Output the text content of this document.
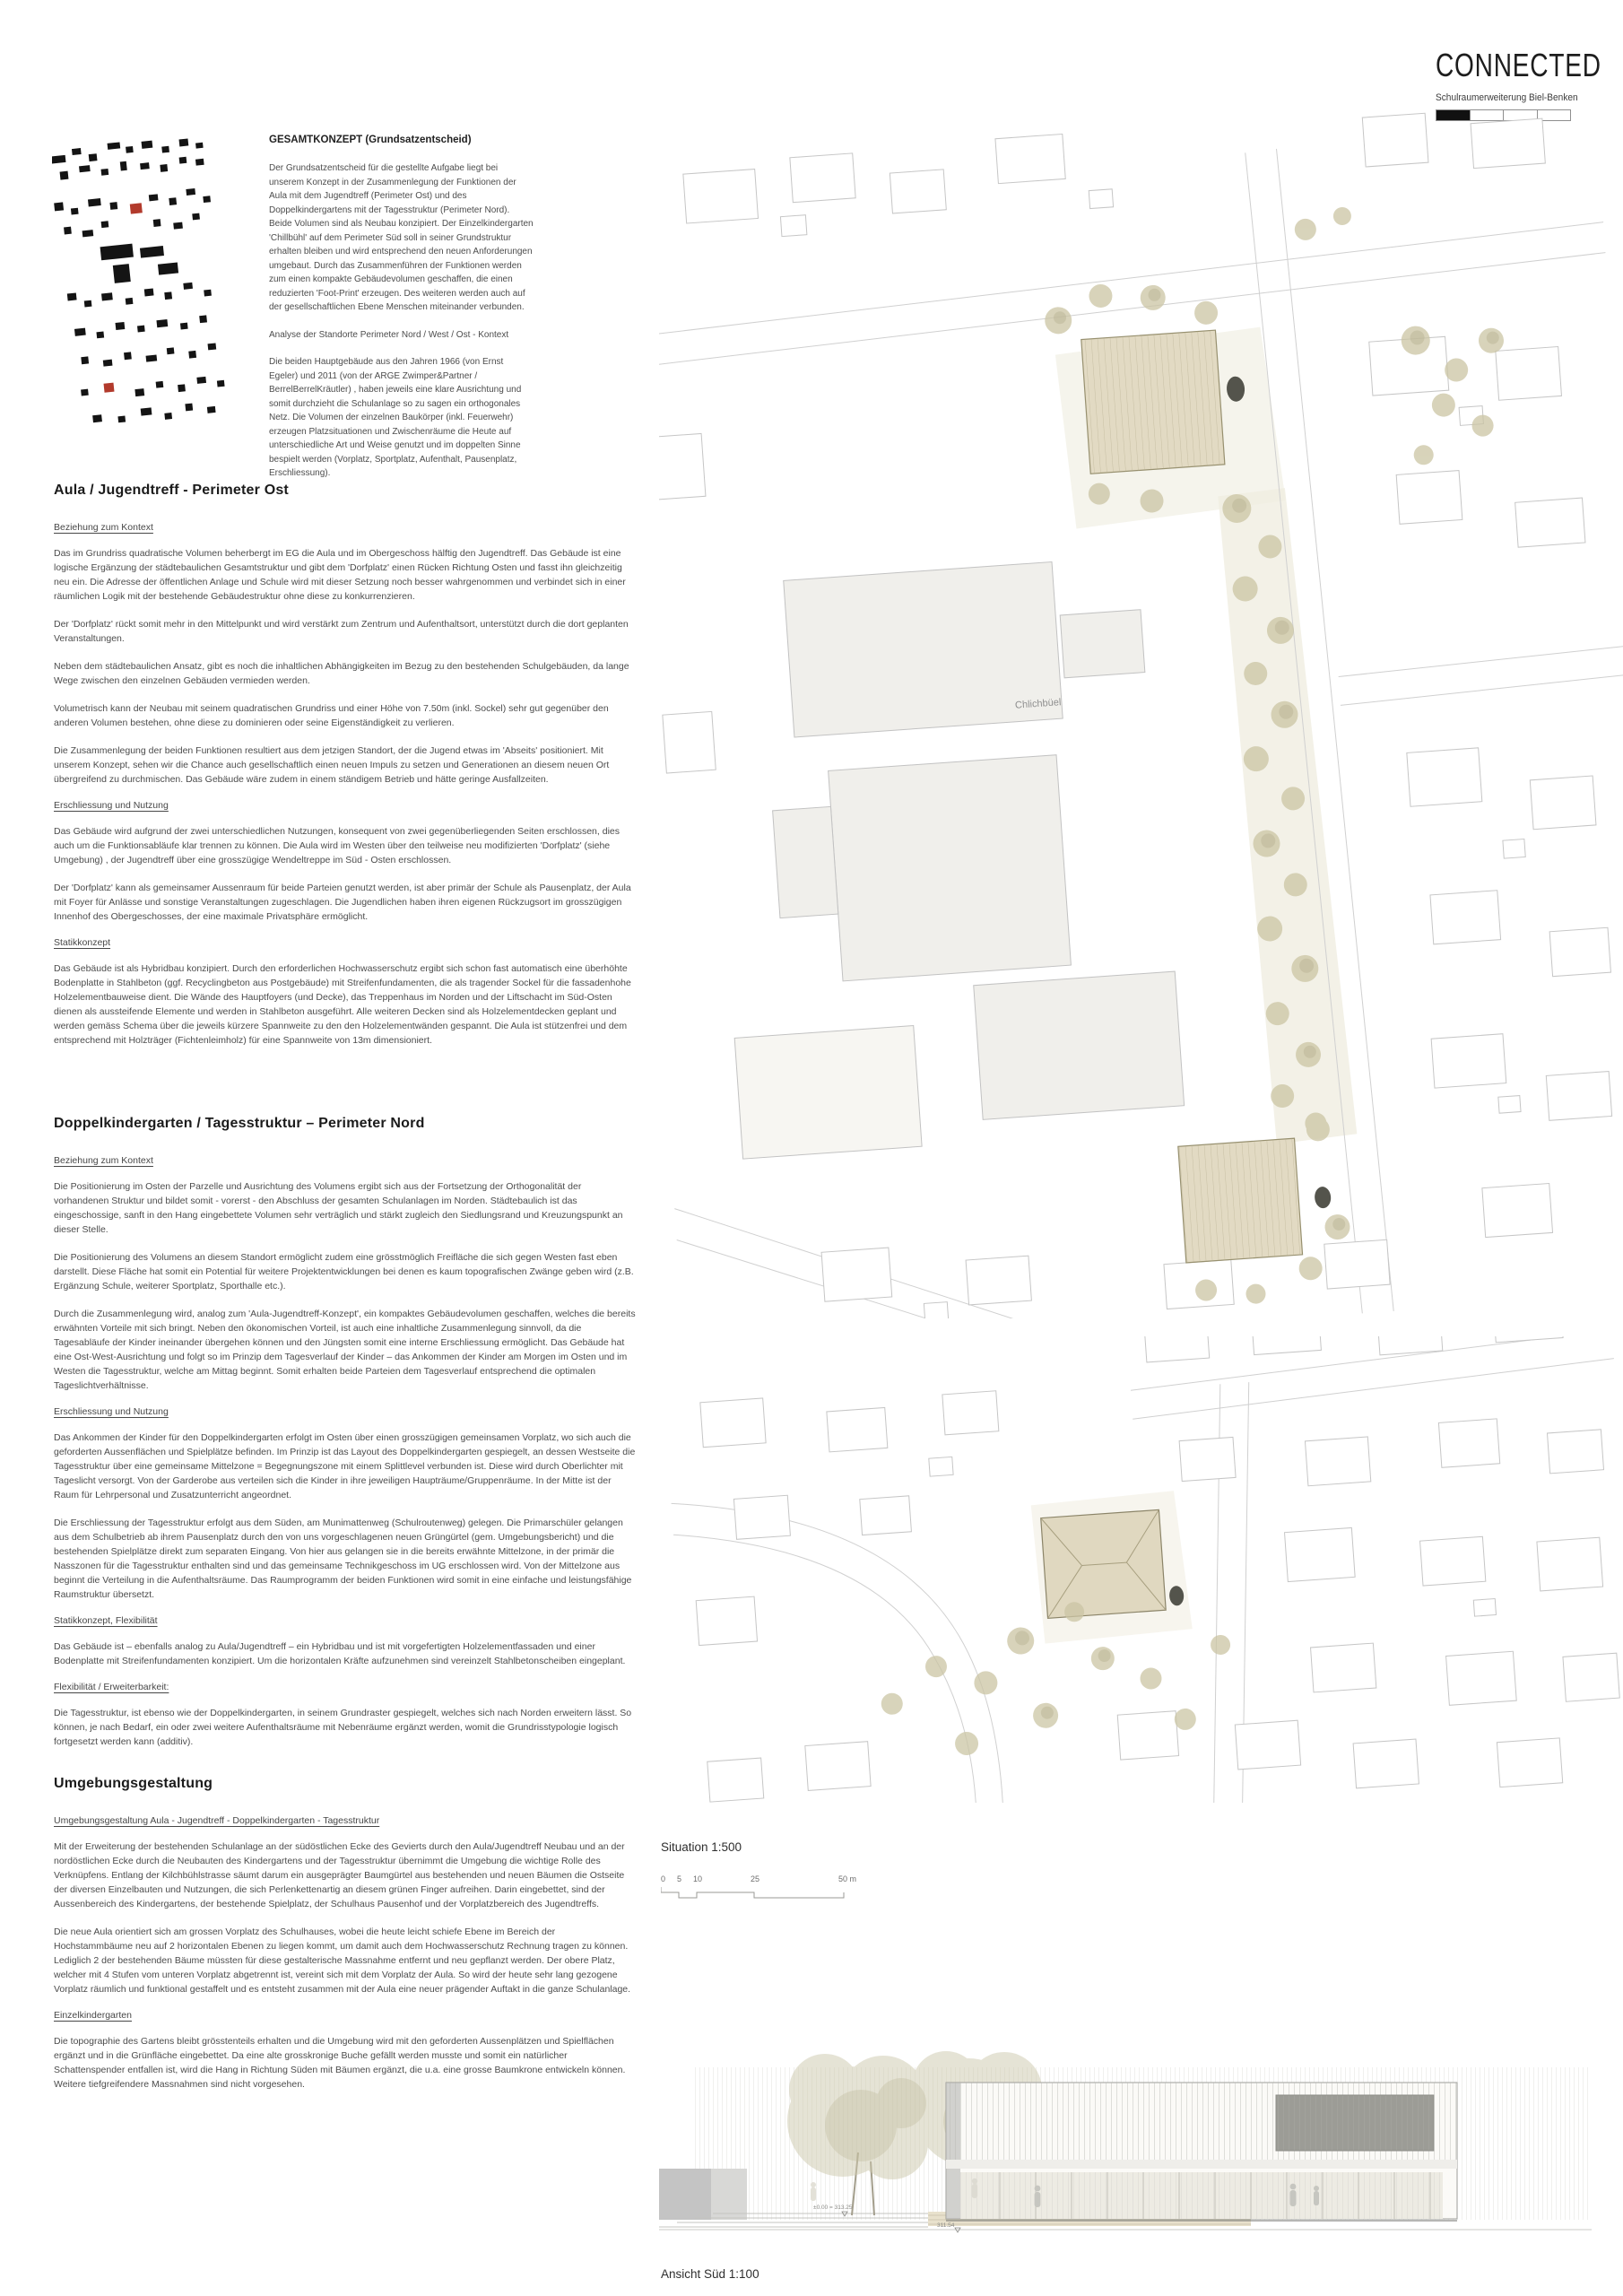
CONNECTED
Schulraumerweiterung Biel-Benken
GESAMTKONZEPT (Grundsatzentscheid)

Der Grundsatzentscheid für die gestellte Aufgabe liegt bei unserem Konzept in der Zusammenlegung der Funktionen der Aula mit dem Jugendtreff (Perimeter Ost) und des Doppelkindergartens mit der Tagesstruktur (Perimeter Nord). Beide Volumen sind als Neubau konzipiert. Der Einzelkindergarten 'Chillbühl' auf dem Perimeter Süd soll in seiner Grundstruktur erhalten bleiben und wird entsprechend den neuen Anforderungen umgebaut. Durch das Zusammenführen der Funktionen werden zum einen kompakte Gebäudevolumen geschaffen, die einen reduzierten 'Foot-Print' erzeugen. Des weiteren werden auch auf der gesellschaftlichen Ebene Menschen miteinander verbunden.

Analyse der Standorte Perimeter Nord / West / Ost - Kontext

Die beiden Hauptgebäude aus den Jahren 1966 (von Ernst Egeler) und 2011 (von der ARGE Zwimper&Partner / BerrelBerrelKräutler) , haben jeweils eine klare Ausrichtung und somit durchzieht die Schulanlage so zu sagen ein orthogonales Netz. Die Volumen der einzelnen Baukörper (inkl. Feuerwehr) erzeugen Platzsituationen und Zwischenräume die Heute auf unterschiedliche Art und Weise genutzt und im doppelten Sinne bespielt werden (Vorplatz, Sportplatz, Aufenthalt, Pausenplatz, Erschliessung).

Aula / Jugendtreff - Perimeter Ost
Beziehung zum Kontext

Das im Grundriss quadratische Volumen beherbergt im EG die Aula und im Obergeschoss hälftig den Jugendtreff. Das Gebäude ist eine logische Ergänzung der städtebaulichen Gesamtstruktur und gibt dem 'Dorfplatz' einen Rücken Richtung Osten und fasst ihn gleichzeitig neu ein. Die Adresse der öffentlichen Anlage und Schule wird mit dieser Setzung noch besser wahrgenommen und verbindet sich in einer räumlichen Logik mit der bestehende Gebäudestruktur ohne diese zu konkurrenzieren.

Der 'Dorfplatz' rückt somit mehr in den Mittelpunkt und wird verstärkt zum Zentrum und Aufenthaltsort, unterstützt durch die dort geplanten Veranstaltungen.

Neben dem städtebaulichen Ansatz, gibt es noch die inhaltlichen Abhängigkeiten im Bezug zu den bestehenden Schulgebäuden, da lange Wege zwischen den einzelnen Gebäuden vermieden werden.

Volumetrisch kann der Neubau mit seinem quadratischen Grundriss und einer Höhe von 7.50m (inkl. Sockel) sehr gut gegenüber den anderen Volumen bestehen, ohne diese zu dominieren oder seine Eigenständigkeit zu verlieren.

Die Zusammenlegung der beiden Funktionen resultiert aus dem jetzigen Standort, der die Jugend etwas im 'Abseits' positioniert. Mit unserem Konzept, sehen wir die Chance auch gesellschaftlich einen neuen Impuls zu setzen und Generationen an diesem neuen Ort übergreifend zu durchmischen. Das Gebäude wäre zudem in einem ständigem Betrieb und hätte geringe Ausfallzeiten.

Erschliessung und Nutzung

Das Gebäude wird aufgrund der zwei unterschiedlichen Nutzungen, konsequent von zwei gegenüberliegenden Seiten erschlossen, dies auch um die Funktionsabläufe klar trennen zu können. Die Aula wird im Westen über den teilweise neu modifizierten 'Dorfplatz' (siehe Umgebung) , der Jugendtreff über eine grosszügige Wendeltreppe im Süd - Osten erschlossen.

Der 'Dorfplatz' kann als gemeinsamer Aussenraum für beide Parteien genutzt werden, ist aber primär der Schule als Pausenplatz, der Aula mit Foyer für Anlässe und sonstige Veranstaltungen zugeschlagen. Die Jugendlichen haben ihren eigenen Rückzugsort im grosszügigen Innenhof des Obergeschosses, der eine maximale Privatsphäre ermöglicht.

Statikkonzept

Das Gebäude ist als Hybridbau konzipiert. Durch den erforderlichen Hochwasserschutz ergibt sich schon fast automatisch eine überhöhte Bodenplatte in Stahlbeton (ggf. Recyclingbeton aus Postgebäude) mit Streifenfundamenten, die als tragender Sockel für die fassadenhohe Holzelementbauweise dient. Die Wände des Hauptfoyers (und Decke), das Treppenhaus im Norden und der Liftschacht im Süd-Osten dienen als aussteifende Elemente und werden in Stahlbeton ausgeführt. Alle weiteren Decken sind als Holzelementdecken geplant und werden gemäss Schema über die jeweils kürzere Spannweite zu den den Holzelementwänden gespannt. Die Aula ist stützenfrei und dem entsprechend mit Holzträger (Fichtenleimholz) für eine Spannweite von 13m dimensioniert.

Doppelkindergarten / Tagesstruktur – Perimeter Nord
Beziehung zum Kontext

Die Positionierung im Osten der Parzelle und Ausrichtung des Volumens ergibt sich aus der Fortsetzung der Orthogonalität der vorhandenen Struktur und bildet somit - vorerst - den Abschluss der gesamten Schulanlagen im Norden. Städtebaulich ist das eingeschossige, sanft in den Hang eingebettete Volumen sehr verträglich und stärkt zugleich den Siedlungsrand und Kreuzungspunkt an dieser Stelle.

Die Positionierung des Volumens an diesem Standort ermöglicht zudem eine grösstmöglich Freifläche die sich gegen Westen fast eben darstellt. Diese Fläche hat somit ein Potential für weitere Projektentwicklungen bei denen es kaum topografischen Zwänge geben wird (z.B. Ergänzung Schule, weiterer Sportplatz, Sporthalle etc.).

Durch die Zusammenlegung wird, analog zum 'Aula-Jugendtreff-Konzept', ein kompaktes Gebäudevolumen geschaffen, welches die bereits erwähnten Vorteile mit sich bringt. Neben den ökonomischen Vorteil, ist auch eine inhaltliche Zusammenlegung sinnvoll, da die Tagesabläufe der Kinder ineinander übergehen können und den Jüngsten somit eine interne Erschliessung ermöglicht. Das Gebäude hat eine Ost-West-Ausrichtung und folgt so im Prinzip dem Tagesverlauf der Kinder – das Ankommen der Kinder am Morgen im Osten und im Westen die Tagesstruktur, welche am Mittag beginnt. Somit erhalten beide Parteien dem Tagesverlauf entsprechend die optimalen Tageslichtverhältnisse.

Erschliessung und Nutzung

Das Ankommen der Kinder für den Doppelkindergarten erfolgt im Osten über einen grosszügigen gemeinsamen Vorplatz, wo sich auch die geforderten Aussenflächen und Spielplätze befinden. Im Prinzip ist das Layout des Doppelkindergarten gespiegelt, an dessen Westseite die Tagesstruktur über eine gemeinsame Mittelzone = Begegnungszone mit einem Splittlevel verbunden ist. Diese wird durch Oberlichter mit Tageslicht versorgt. Von der Garderobe aus verteilen sich die Kinder in ihre jeweiligen Haupträume/Gruppenräume. In der Mitte ist der Raum für Lehrpersonal und Zusatzunterricht angeordnet.

Die Erschliessung der Tagesstruktur erfolgt aus dem Süden, am Munimattenweg (Schulroutenweg) gelegen. Die Primarschüler gelangen aus dem Schulbetrieb ab ihrem Pausenplatz durch den von uns vorgeschlagenen neuen Grüngürtel (gem. Umgebungsbericht) und die bestehenden Spielplätze direkt zum separaten Eingang. Von hier aus gelangen sie in die bereits erwähnte Mittelzone, in der primär die Nasszonen für die Tagesstruktur enthalten sind und das gemeinsame Technikgeschoss im UG erschlossen wird. Von der Mittelzone aus beginnt die Verteilung in die Aufenthaltsräume. Das Raumprogramm der beiden Funktionen wird somit in eine einfache und leistungsfähige Raumstruktur übersetzt.

Statikkonzept, Flexibilität

Das Gebäude ist – ebenfalls analog zu Aula/Jugendtreff – ein Hybridbau und ist mit vorgefertigten Holzelementfassaden und einer Bodenplatte mit Streifenfundamenten konzipiert. Um die horizontalen Kräfte aufzunehmen sind vereinzelt Stahlbetonscheiben eingeplant.

Flexibilität / Erweiterbarkeit:

Die Tagesstruktur, ist ebenso wie der Doppelkindergarten, in seinem Grundraster gespiegelt, welches sich nach Norden erweitern lässt. So können, je nach Bedarf, ein oder zwei weitere Aufenthaltsräume mit Nebenräume ergänzt werden, womit die Grundrisstypologie logisch fortgesetzt werden kann (additiv).

Umgebungsgestaltung
Umgebungsgestaltung Aula - Jugendtreff - Doppelkindergarten - Tagesstruktur

Mit der Erweiterung der bestehenden Schulanlage an der südöstlichen Ecke des Gevierts durch den Aula/Jugendtreff Neubau und an der nordöstlichen Ecke durch die Neubauten des Kindergartens und der Tagesstruktur übernimmt die Umgebung die wichtige Rolle des Verknüpfens. Entlang der Kilchbühlstrasse säumt darum ein ausgeprägter Baumgürtel aus bestehenden und neuen Bäumen die Ostseite der diversen Einzelbauten und Nutzungen, die sich Perlenkettenartig an diesem grünen Finger aufreihen. Darin eingebettet, sind der Aussenbereich des Kindergartens, der bestehende Spielplatz, der Schulhaus Pausenhof und der Vorplatzbereich des Jugendtreffs.

Die neue Aula orientiert sich am grossen Vorplatz des Schulhauses, wobei die heute leicht schiefe Ebene im Bereich der Hochstammbäume neu auf 2 horizontalen Ebenen zu liegen kommt, um damit auch dem Hochwasserschutz Rechnung tragen zu können. Lediglich 2 der bestehenden Bäume müssten für diese gestalterische Massnahme entfernt und neu gepflanzt werden. Der obere Platz, welcher mit 4 Stufen vom unteren Vorplatz abgetrennt ist, vereint sich mit dem Vorplatz der Aula. So wird der heute sehr lang gezogene Vorplatz räumlich und funktional gestaffelt und es entsteht zusammen mit der Aula eine neuer prägender Auftakt in die ganze Schulanlage.

Einzelkindergarten

Die topographie des Gartens bleibt grösstenteils erhalten und die Umgebung wird mit den geforderten Aussenplätzen und Spielflächen ergänzt und in die Grünfläche eingebettet. Da eine alte grosskronige Buche gefällt werden musste und somit ein natürlicher Schattenspender entfallen ist, wird die Hang in Richtung Süden mit Bäumen ergänzt, die u.a. eine grosse Baumkrone entwickeln können. Weitere tiefgreifendere Massnahmen sind nicht vorgesehen.

Chlichbüel
Situation 1:500
0 5 10	25	50 m
±0.00 = 313.25
311.54
Ansicht Süd 1:100
